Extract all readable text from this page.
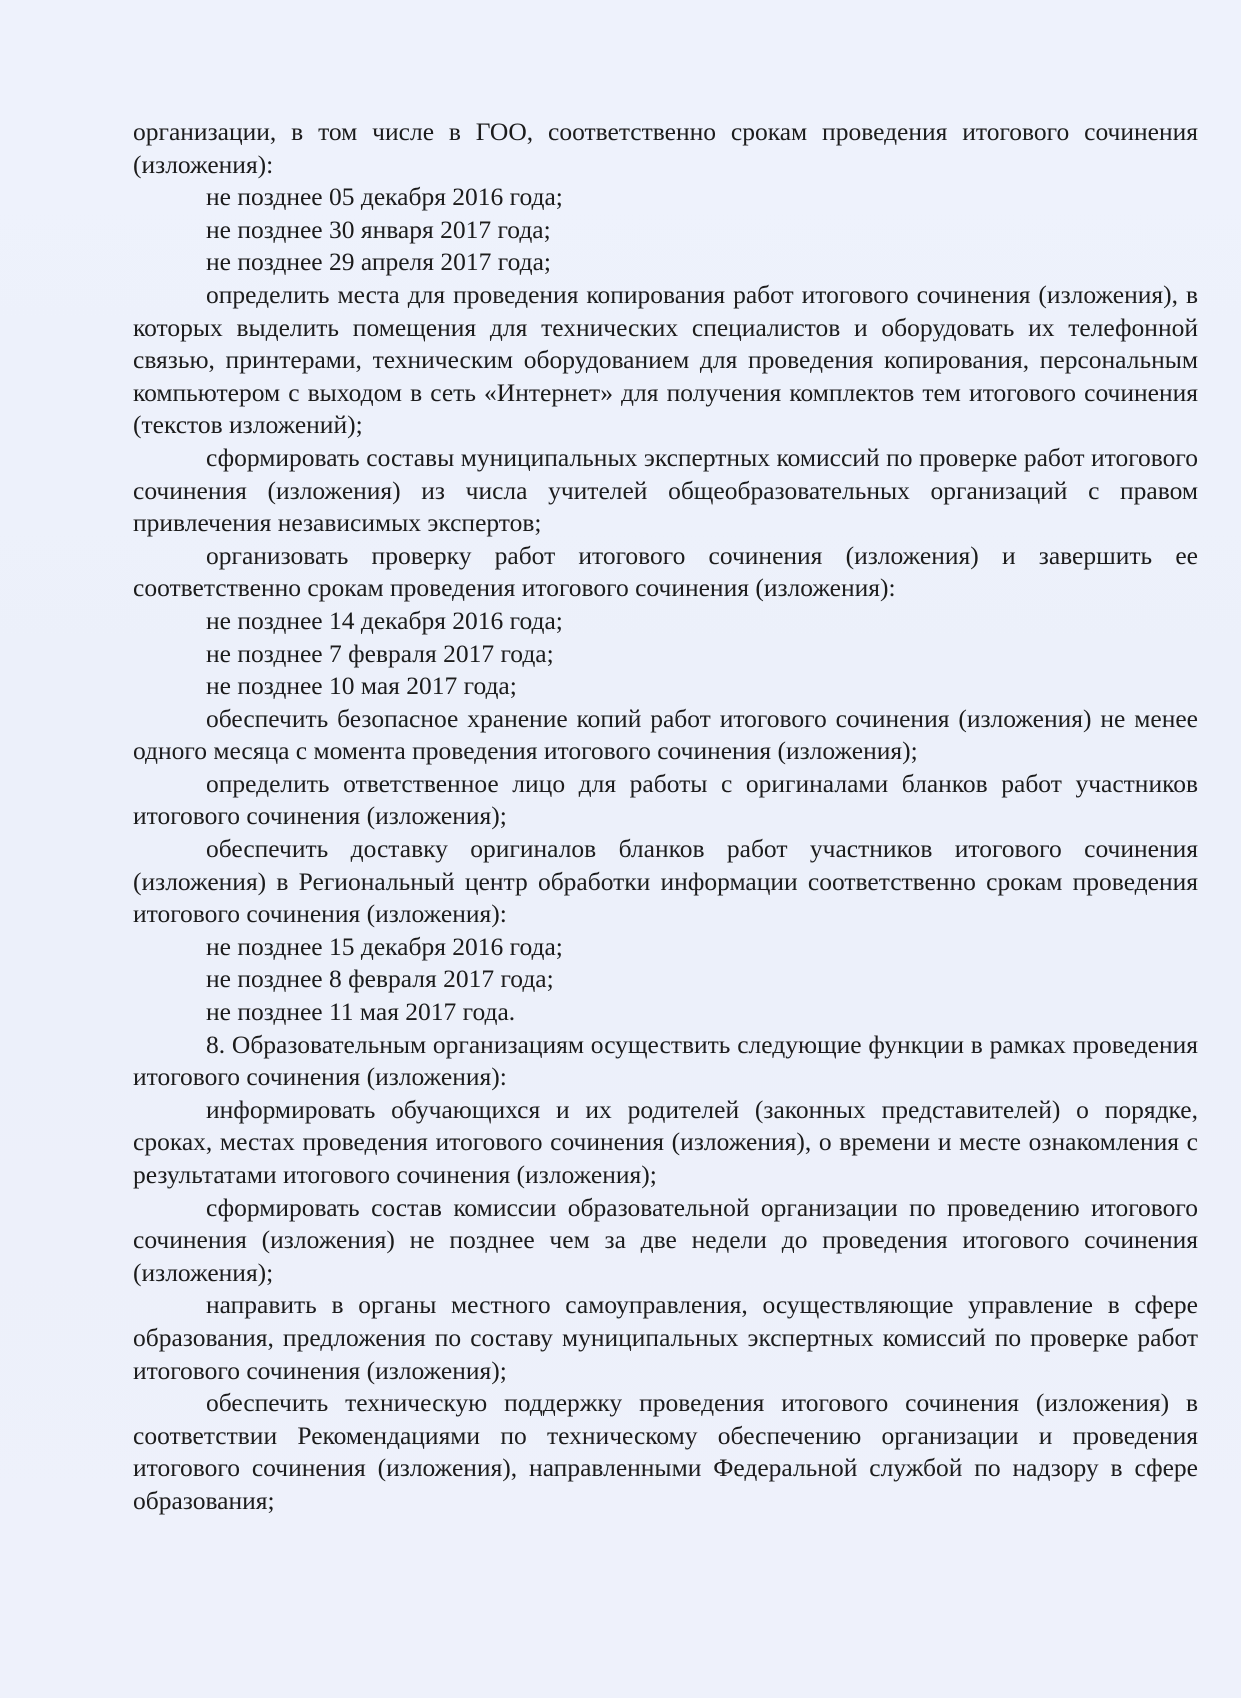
организации, в том числе в ГОО, соответственно срокам проведения итогового сочинения (изложения):

не позднее 05 декабря 2016 года;

не позднее 30 января 2017 года;

не позднее 29 апреля 2017 года;

определить места для проведения копирования работ итогового сочинения (изложения), в которых выделить помещения для технических специалистов и оборудовать их телефонной связью, принтерами, техническим оборудованием для проведения копирования, персональным компьютером с выходом в сеть «Интернет» для получения комплектов тем итогового сочинения (текстов изложений);

сформировать составы муниципальных экспертных комиссий по проверке работ итогового сочинения (изложения) из числа учителей общеобразовательных организаций с правом привлечения независимых экспертов;

организовать проверку работ итогового сочинения (изложения) и завершить ее соответственно срокам проведения итогового сочинения (изложения):

не позднее 14 декабря 2016 года;

не позднее 7 февраля 2017 года;

не позднее 10 мая 2017 года;

обеспечить безопасное хранение копий работ итогового сочинения (изложения) не менее одного месяца с момента проведения итогового сочинения (изложения);

определить ответственное лицо для работы с оригиналами бланков работ участников итогового сочинения (изложения);

обеспечить доставку оригиналов бланков работ участников итогового сочинения (изложения) в Региональный центр обработки информации соответственно срокам проведения итогового сочинения (изложения):

не позднее 15 декабря 2016 года;

не позднее 8 февраля 2017 года;

не позднее 11 мая 2017 года.

8. Образовательным организациям осуществить следующие функции в рамках проведения итогового сочинения (изложения):

информировать обучающихся и их родителей (законных представителей) о порядке, сроках, местах проведения итогового сочинения (изложения), о времени и месте ознакомления с результатами итогового сочинения (изложения);

сформировать состав комиссии образовательной организации по проведению итогового сочинения (изложения) не позднее чем за две недели до проведения итогового сочинения (изложения);

направить в органы местного самоуправления, осуществляющие управление в сфере образования, предложения по составу муниципальных экспертных комиссий по проверке работ итогового сочинения (изложения);

обеспечить техническую поддержку проведения итогового сочинения (изложения) в соответствии Рекомендациями по техническому обеспечению организации и проведения итогового сочинения (изложения), направленными Федеральной службой по надзору в сфере образования;
